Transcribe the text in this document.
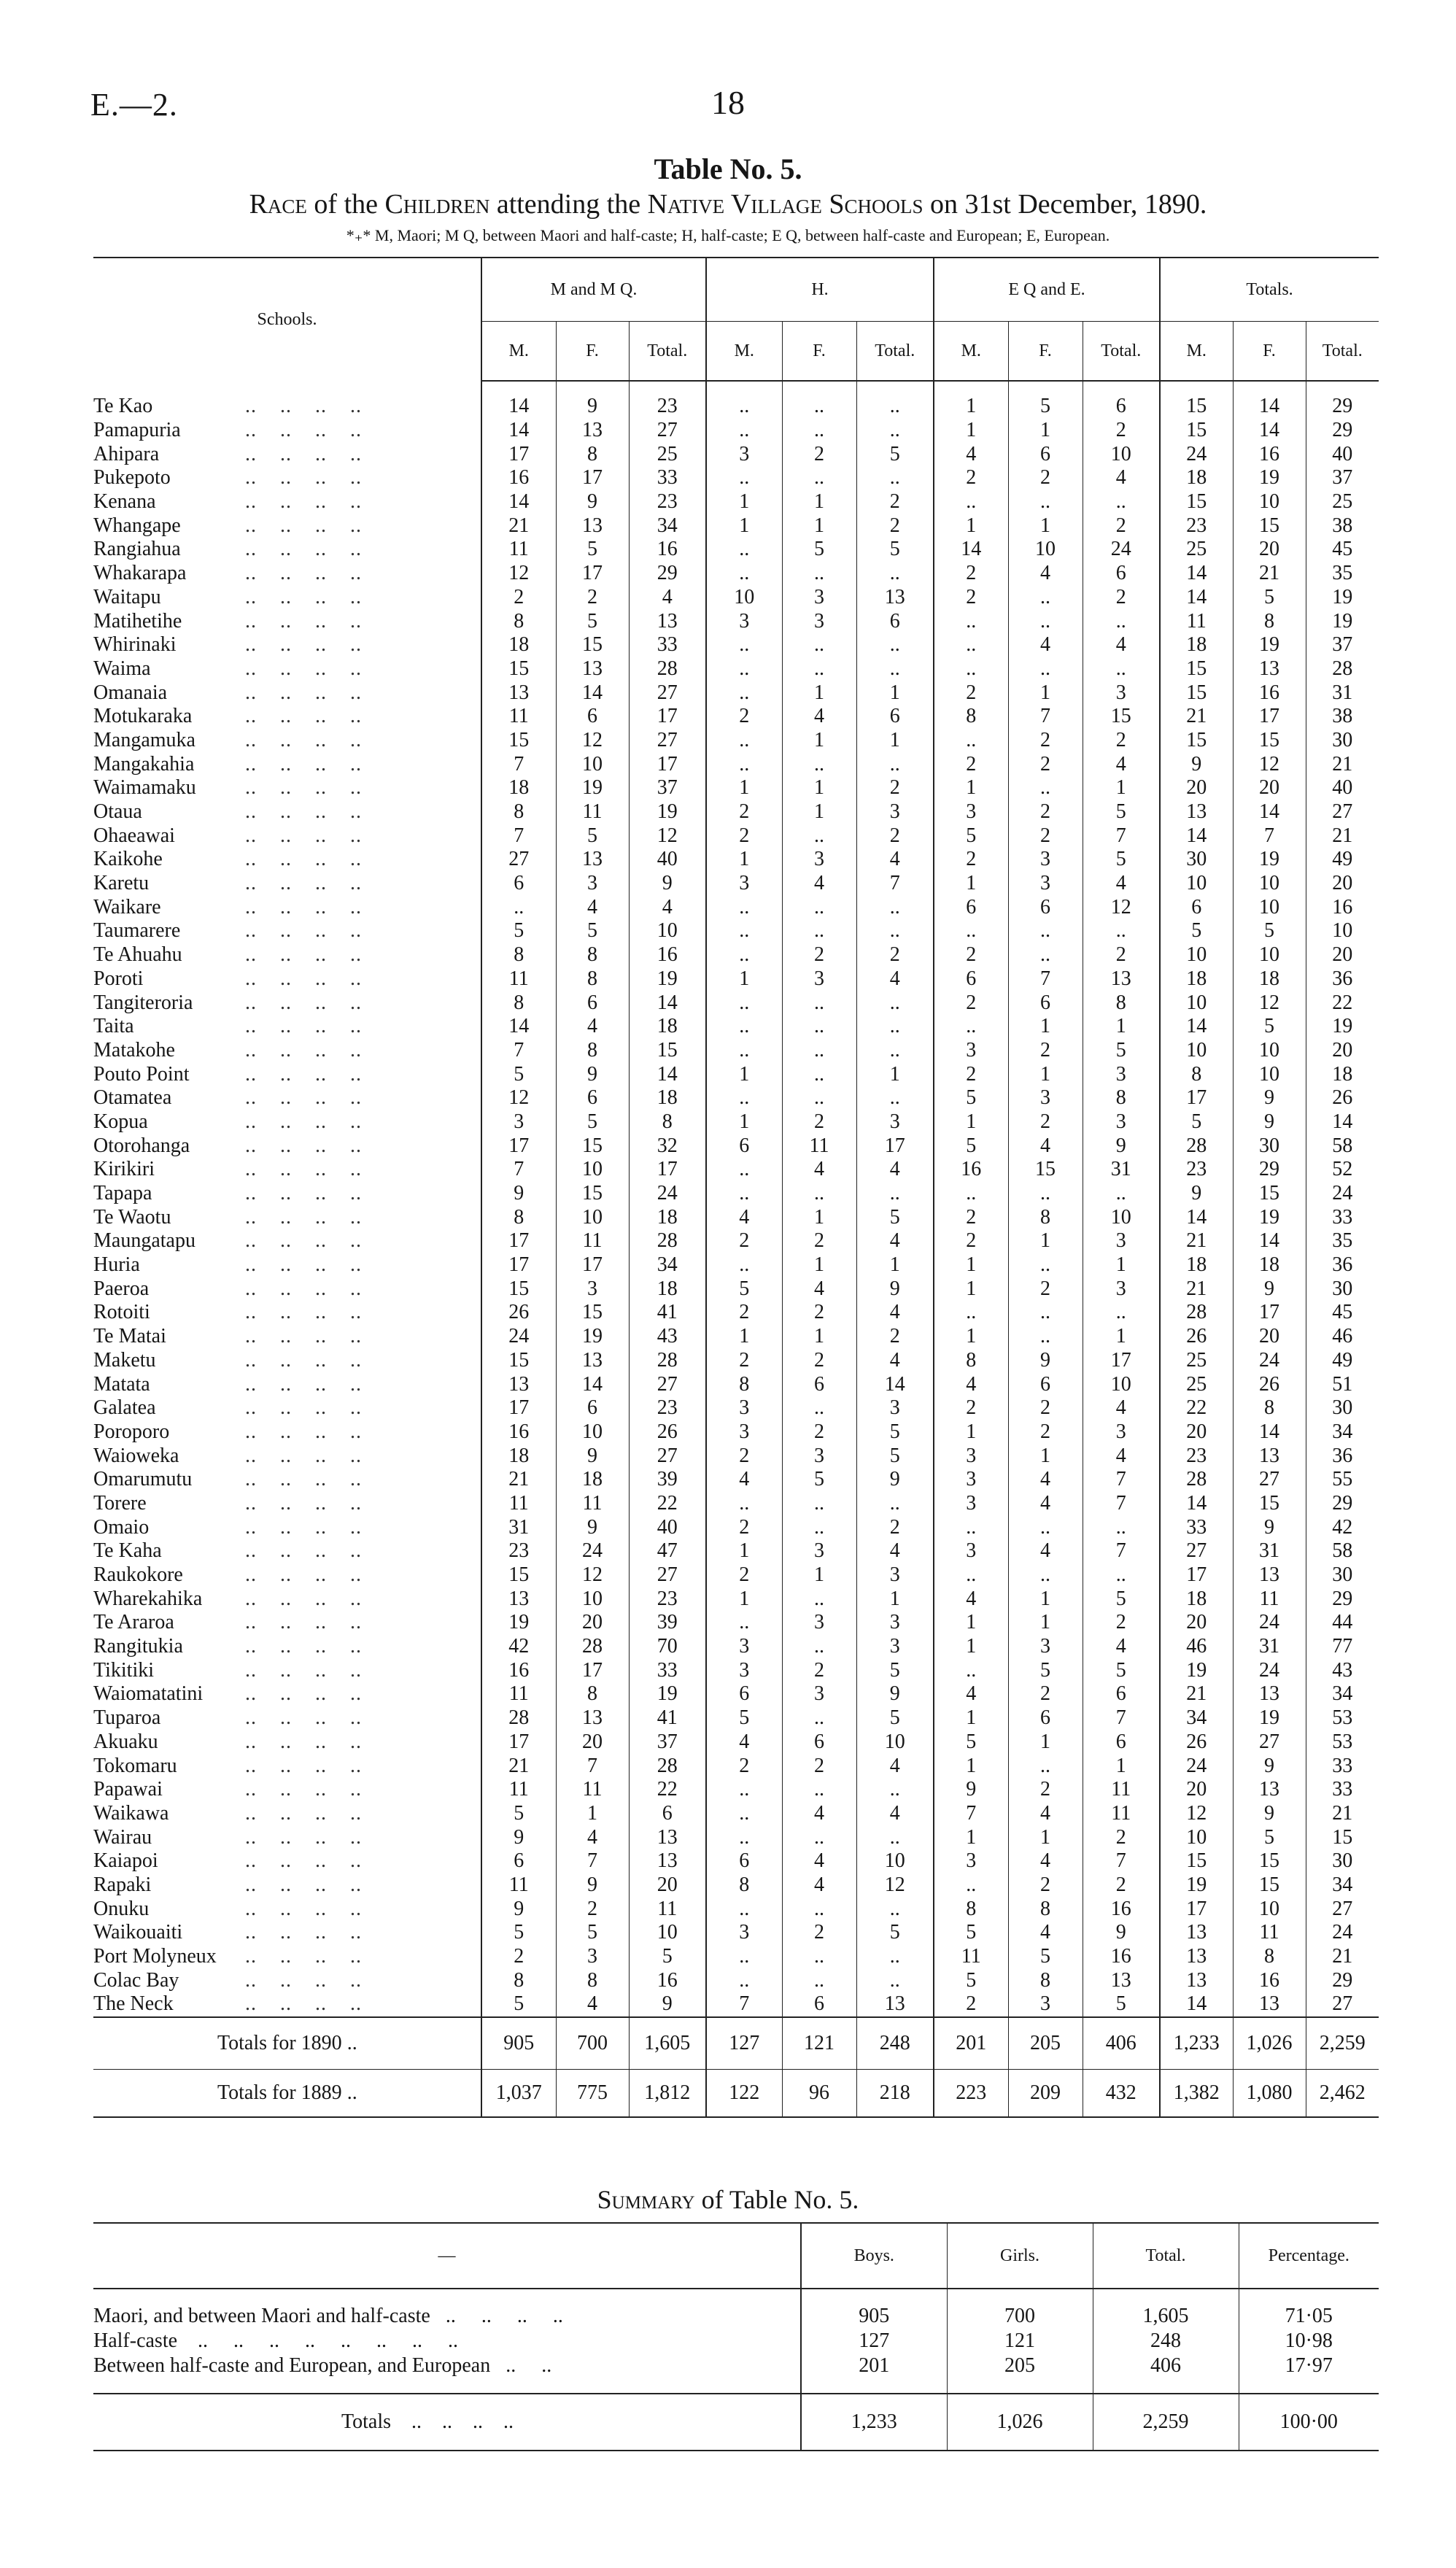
E.—2.	18
Table No. 5.
Race of the Children attending the Native Village Schools on 31st December, 1890.
*₊* M, Maori; M Q, between Maori and half-caste; H, half-caste; E Q, between half-caste and European; E, European.
Schools.	M and M Q.			H.			E Q and E.			Totals.		
	M.	F.	Total.	M.	F.	Total.	M.	F.	Total.	M.	F.	Total.
Te Kao ..    ..    ..    ..	14	9	23	..	..	..	1	5	6	15	14	29
Pamapuria ..    ..    ..    ..	14	13	27	..	..	..	1	1	2	15	14	29
Ahipara ..    ..    ..    ..	17	8	25	3	2	5	4	6	10	24	16	40
Pukepoto ..    ..    ..    ..	16	17	33	..	..	..	2	2	4	18	19	37
Kenana ..    ..    ..    ..	14	9	23	1	1	2	..	..	..	15	10	25
Whangape ..    ..    ..    ..	21	13	34	1	1	2	1	1	2	23	15	38
Rangiahua ..    ..    ..    ..	11	5	16	..	5	5	14	10	24	25	20	45
Whakarapa ..    ..    ..    ..	12	17	29	..	..	..	2	4	6	14	21	35
Waitapu ..    ..    ..    ..	2	2	4	10	3	13	2	..	2	14	5	19
Matihetihe ..    ..    ..    ..	8	5	13	3	3	6	..	..	..	11	8	19
Whirinaki ..    ..    ..    ..	18	15	33	..	..	..	..	4	4	18	19	37
Waima ..    ..    ..    ..	15	13	28	..	..	..	..	..	..	15	13	28
Omanaia ..    ..    ..    ..	13	14	27	..	1	1	2	1	3	15	16	31
Motukaraka ..    ..    ..    ..	11	6	17	2	4	6	8	7	15	21	17	38
Mangamuka ..    ..    ..    ..	15	12	27	..	1	1	..	2	2	15	15	30
Mangakahia ..    ..    ..    ..	7	10	17	..	..	..	2	2	4	9	12	21
Waimamaku ..    ..    ..    ..	18	19	37	1	1	2	1	..	1	20	20	40
Otaua ..    ..    ..    ..	8	11	19	2	1	3	3	2	5	13	14	27
Ohaeawai ..    ..    ..    ..	7	5	12	2	..	2	5	2	7	14	7	21
Kaikohe ..    ..    ..    ..	27	13	40	1	3	4	2	3	5	30	19	49
Karetu ..    ..    ..    ..	6	3	9	3	4	7	1	3	4	10	10	20
Waikare ..    ..    ..    ..	..	4	4	..	..	..	6	6	12	6	10	16
Taumarere ..    ..    ..    ..	5	5	10	..	..	..	..	..	..	5	5	10
Te Ahuahu ..    ..    ..    ..	8	8	16	..	2	2	2	..	2	10	10	20
Poroti ..    ..    ..    ..	11	8	19	1	3	4	6	7	13	18	18	36
Tangiteroria ..    ..    ..    ..	8	6	14	..	..	..	2	6	8	10	12	22
Taita ..    ..    ..    ..	14	4	18	..	..	..	..	1	1	14	5	19
Matakohe ..    ..    ..    ..	7	8	15	..	..	..	3	2	5	10	10	20
Pouto Point ..    ..    ..    ..	5	9	14	1	..	1	2	1	3	8	10	18
Otamatea ..    ..    ..    ..	12	6	18	..	..	..	5	3	8	17	9	26
Kopua ..    ..    ..    ..	3	5	8	1	2	3	1	2	3	5	9	14
Otorohanga ..    ..    ..    ..	17	15	32	6	11	17	5	4	9	28	30	58
Kirikiri ..    ..    ..    ..	7	10	17	..	4	4	16	15	31	23	29	52
Tapapa ..    ..    ..    ..	9	15	24	..	..	..	..	..	..	9	15	24
Te Waotu ..    ..    ..    ..	8	10	18	4	1	5	2	8	10	14	19	33
Maungatapu ..    ..    ..    ..	17	11	28	2	2	4	2	1	3	21	14	35
Huria ..    ..    ..    ..	17	17	34	..	1	1	1	..	1	18	18	36
Paeroa ..    ..    ..    ..	15	3	18	5	4	9	1	2	3	21	9	30
Rotoiti ..    ..    ..    ..	26	15	41	2	2	4	..	..	..	28	17	45
Te Matai ..    ..    ..    ..	24	19	43	1	1	2	1	..	1	26	20	46
Maketu ..    ..    ..    ..	15	13	28	2	2	4	8	9	17	25	24	49
Matata ..    ..    ..    ..	13	14	27	8	6	14	4	6	10	25	26	51
Galatea ..    ..    ..    ..	17	6	23	3	..	3	2	2	4	22	8	30
Poroporo ..    ..    ..    ..	16	10	26	3	2	5	1	2	3	20	14	34
Waioweka ..    ..    ..    ..	18	9	27	2	3	5	3	1	4	23	13	36
Omarumutu ..    ..    ..    ..	21	18	39	4	5	9	3	4	7	28	27	55
Torere ..    ..    ..    ..	11	11	22	..	..	..	3	4	7	14	15	29
Omaio ..    ..    ..    ..	31	9	40	2	..	2	..	..	..	33	9	42
Te Kaha ..    ..    ..    ..	23	24	47	1	3	4	3	4	7	27	31	58
Raukokore ..    ..    ..    ..	15	12	27	2	1	3	..	..	..	17	13	30
Wharekahika ..    ..    ..    ..	13	10	23	1	..	1	4	1	5	18	11	29
Te Araroa ..    ..    ..    ..	19	20	39	..	3	3	1	1	2	20	24	44
Rangitukia ..    ..    ..    ..	42	28	70	3	..	3	1	3	4	46	31	77
Tikitiki ..    ..    ..    ..	16	17	33	3	2	5	..	5	5	19	24	43
Waiomatatini ..    ..    ..    ..	11	8	19	6	3	9	4	2	6	21	13	34
Tuparoa ..    ..    ..    ..	28	13	41	5	..	5	1	6	7	34	19	53
Akuaku ..    ..    ..    ..	17	20	37	4	6	10	5	1	6	26	27	53
Tokomaru ..    ..    ..    ..	21	7	28	2	2	4	1	..	1	24	9	33
Papawai ..    ..    ..    ..	11	11	22	..	..	..	9	2	11	20	13	33
Waikawa ..    ..    ..    ..	5	1	6	..	4	4	7	4	11	12	9	21
Wairau ..    ..    ..    ..	9	4	13	..	..	..	1	1	2	10	5	15
Kaiapoi ..    ..    ..    ..	6	7	13	6	4	10	3	4	7	15	15	30
Rapaki ..    ..    ..    ..	11	9	20	8	4	12	..	2	2	19	15	34
Onuku ..    ..    ..    ..	9	2	11	..	..	..	8	8	16	17	10	27
Waikouaiti ..    ..    ..    ..	5	5	10	3	2	5	5	4	9	13	11	24
Port Molyneux ..    ..    ..    ..	2	3	5	..	..	..	11	5	16	13	8	21
Colac Bay ..    ..    ..    ..	8	8	16	..	..	..	5	8	13	13	16	29
The Neck ..    ..    ..    ..	5	4	9	7	6	13	2	3	5	14	13	27
Totals for 1890 ..	905	700	1,605	127	121	248	201	205	406	1,233	1,026	2,259
Totals for 1889 ..	1,037	775	1,812	122	96	218	223	209	432	1,382	1,080	2,462
Summary of Table No. 5.
—	Boys.	Girls.	Total.	Percentage.

Maori, and between Maori and half-caste   ..     ..     ..     ..	905	700	1,605	71·05
Half-caste    ..     ..     ..     ..     ..     ..     ..     ..	127	121	248	10·98
Between half-caste and European, and European   ..     ..	201	205	406	17·97

Totals    ..    ..    ..    ..	1,233	1,026	2,259	100·00
